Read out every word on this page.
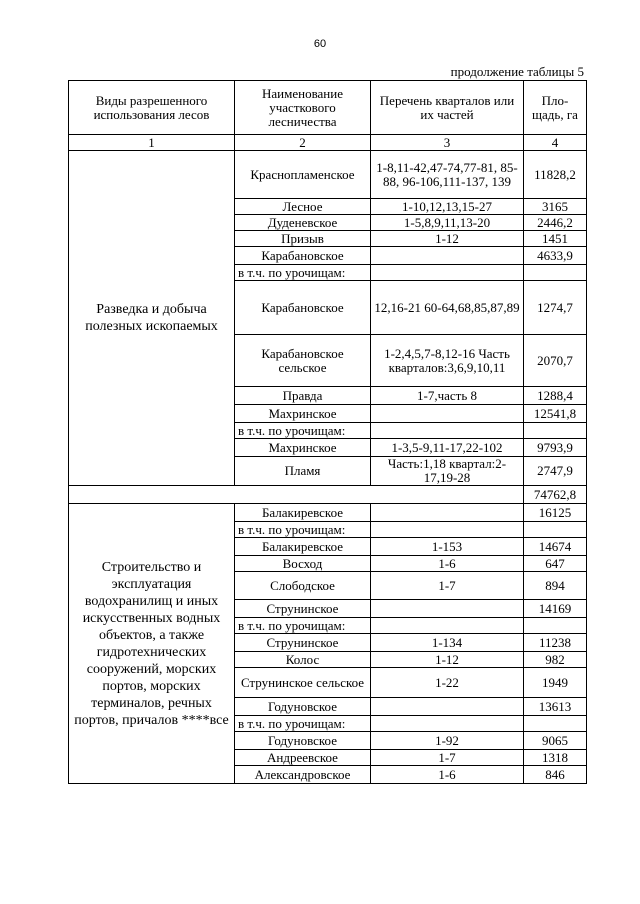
60
продолжение таблицы 5
Виды разрешенного использования лесов	Наименование участкового лесничества	Перечень кварталов или их частей	Пло-щадь, га
1	2	3	4
Разведка и добыча полезных ископаемых	Краснопламенское	1-8,11-42,47-74,77-81, 85-88, 96-106,111-137, 139	11828,2
	Лесное	1-10,12,13,15-27	3165
	Дуденевское	1-5,8,9,11,13-20	2446,2
	Призыв	1-12	1451
	Карабановское		4633,9
	в т.ч. по урочищам:		
	Карабановское	12,16-21 60-64,68,85,87,89	1274,7
	Карабановское сельское	1-2,4,5,7-8,12-16 Часть кварталов:3,6,9,10,11	2070,7
	Правда	1-7,часть 8	1288,4
	Махринское		12541,8
	в т.ч. по урочищам:		
	Махринское	1-3,5-9,11-17,22-102	9793,9
	Пламя	Часть:1,18 квартал:2-17,19-28	2747,9
			74762,8
Строительство и эксплуатация водохранилищ и иных искусственных водных объектов, а также гидротехнических сооружений, морских портов, морских терминалов, речных портов, причалов ****все	Балакиревское		16125
	в т.ч. по урочищам:		
	Балакиревское	1-153	14674
	Восход	1-6	647
	Слободское	1-7	894
	Струнинское		14169
	в т.ч. по урочищам:		
	Струнинское	1-134	11238
	Колос	1-12	982
	Струнинское сельское	1-22	1949
	Годуновское		13613
	в т.ч. по урочищам:		
	Годуновское	1-92	9065
	Андреевское	1-7	1318
	Александровское	1-6	846
